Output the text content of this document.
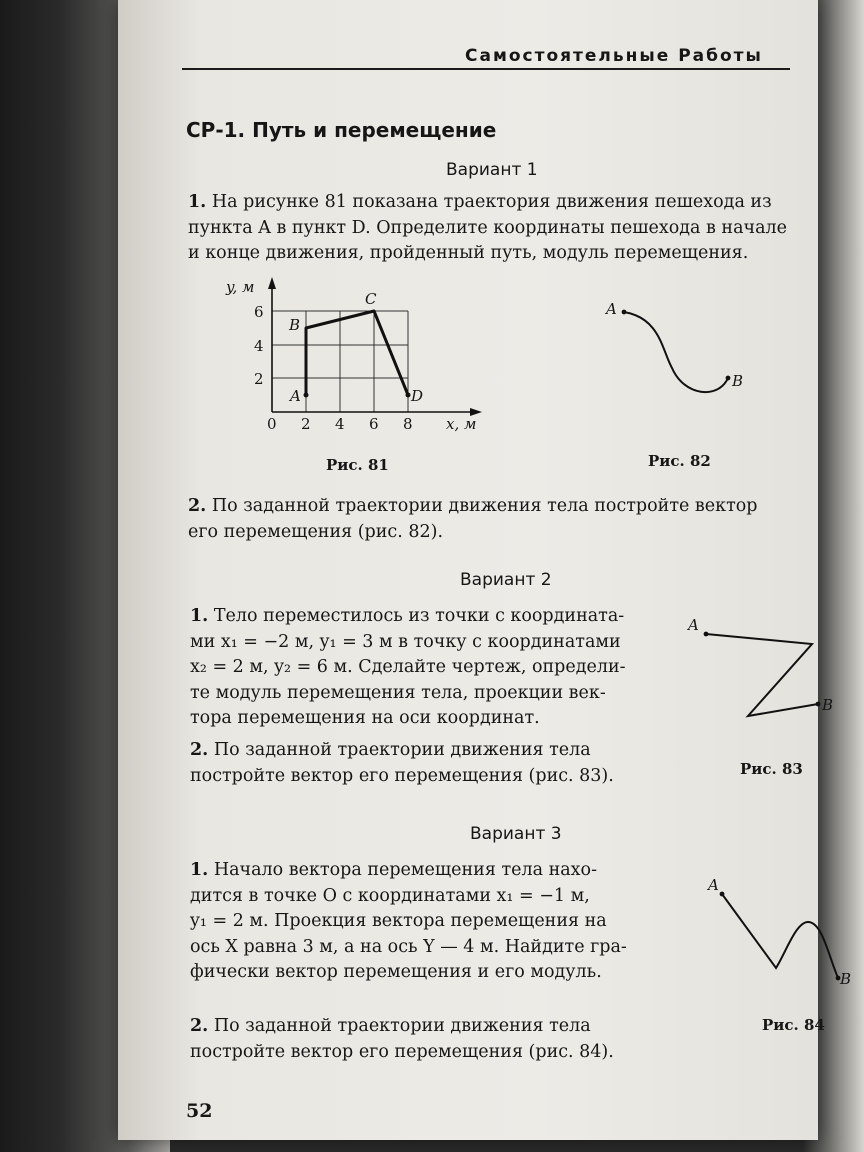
Самостоятельные Работы
СР-1. Путь и перемещение
Вариант 1
1. На рисунке 81 показана траектория движения пешехода из
пункта A в пункт D. Определите координаты пешехода в начале
и конце движения, пройденный путь, модуль перемещения.
y, м
x, м
0 2 4 6 8
6
4
2
A
B
C
D
Рис. 81
A
B
Рис. 82
2. По заданной траектории движения тела постройте вектор
его перемещения (рис. 82).
Вариант 2
1. Тело переместилось из точки с координата-
ми x₁ = −2 м, y₁ = 3 м в точку с координатами
x₂ = 2 м, y₂ = 6 м. Сделайте чертеж, определи-
те модуль перемещения тела, проекции век-
тора перемещения на оси координат.
A
B
Рис. 83
2. По заданной траектории движения тела
постройте вектор его перемещения (рис. 83).
Вариант 3
1. Начало вектора перемещения тела нахо-
дится в точке O с координатами x₁ = −1 м,
y₁ = 2 м. Проекция вектора перемещения на
ось X равна 3 м, а на ось Y — 4 м. Найдите гра-
фически вектор перемещения и его модуль.
A
B
Рис. 84
2. По заданной траектории движения тела
постройте вектор его перемещения (рис. 84).
52
